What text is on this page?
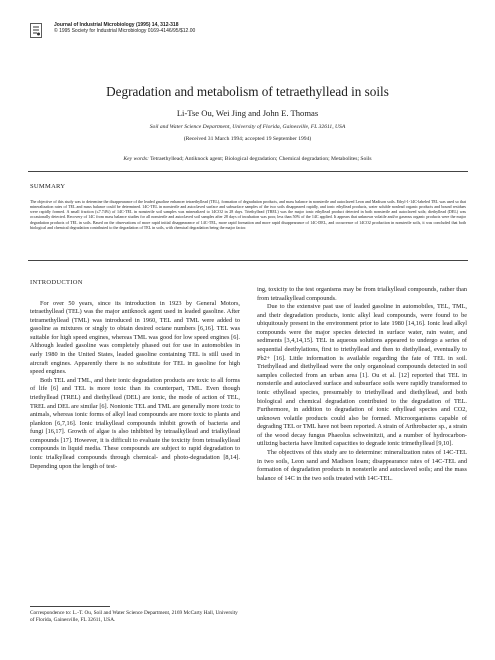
Journal of Industrial Microbiology (1995) 14, 312-318
© 1995 Society for Industrial Microbiology 0169-4146/95/$12.00
Degradation and metabolism of tetraethyllead in soils
Li-Tse Ou, Wei Jing and John E. Thomas
Soil and Water Science Department, University of Florida, Gainesville, FL 32611, USA
(Received 31 March 1994; accepted 19 September 1994)
Key words: Tetraethyllead; Antiknock agent; Biological degradation; Chemical degradation; Metabolites; Soils
SUMMARY
The objective of this study was to determine the disappearance of the leaded gasoline enhancer tetraethyllead (TEL), formation of degradation products, and mass balance in nonsterile and autoclaved Leon and Madison soils. Ethyl-1-14C-labeled TEL was used so that mineralization rates of TEL and mass balance could be determined. 14C-TEL in nonsterile and autoclaved surface and subsurface samples of the two soils disappeared rapidly, and ionic ethyllead products, water soluble nonlead organic products and bound residues were rapidly formed. A small fraction (≤7.74%) of 14C-TEL in nonsterile soil samples was mineralized to 14CO2 in 28 days. Triethyllead (TREL) was the major ionic ethyllead product detected in both nonsterile and autoclaved soils; diethyllead (DEL) was occasionally detected. Recovery of 14C from mass balance studies for all nonsterile and autoclaved soil samples after 28 days of incubation was poor, less than 50% of the 14C applied. It appears that unknown volatile and/or gaseous organic products were the major degradation products of TEL in soils. Based on the observations of more rapid initial disappearance of 14C-TEL, more rapid formation and more rapid disappearance of 14C-DEL, and occurrence of 14CO2 production in nonsterile soils, it was concluded that both biological and chemical degradation contributed to the degradation of TEL in soils, with chemical degradation being the major factor.

INTRODUCTION

For over 50 years, since its introduction in 1923 by General Motors, tetraethyllead (TEL) was the major antiknock agent used in leaded gasoline. After tetramethyllead (TML) was introduced in 1960, TEL and TML were added to gasoline as mixtures or singly to obtain desired octane numbers [6,16]. TEL was suitable for high speed engines, whereas TML was good for low speed engines [6]. Although leaded gasoline was completely phased out for use in automobiles in early 1980 in the United States, leaded gasoline containing TEL is still used in aircraft engines. Apparently there is no substitute for TEL in gasoline for high speed engines.

Both TEL and TML, and their ionic degradation products are toxic to all forms of life [6] and TEL is more toxic than its counterpart, TML. Even though triethyllead (TREL) and diethyllead (DEL) are ionic, the mode of action of TEL, TREL and DEL are similar [6]. Nonionic TEL and TML are generally more toxic to animals, whereas ionic forms of alkyl lead compounds are more toxic to plants and plankton [6,7,16]. Ionic trialkyllead compounds inhibit growth of bacteria and fungi [16,17]. Growth of algae is also inhibited by tetraalkyllead and trialkyllead compounds [17]. However, it is difficult to evaluate the toxicity from tetraalkyllead compounds in liquid media. These compounds are subject to rapid degradation to ionic trialkyllead compounds through chemical- and photo-degradation [8,14]. Depending upon the length of test-

ing, toxicity to the test organisms may be from trialkyllead compounds, rather than from tetraalkyllead compounds.

Due to the extensive past use of leaded gasoline in automobiles, TEL, TML, and their degradation products, ionic alkyl lead compounds, were found to be ubiquitously present in the environment prior to late 1980 [14,16]. Ionic lead alkyl compounds were the major species detected in surface water, rain water, and sediments [3,4,14,15]. TEL in aqueous solutions appeared to undergo a series of sequential deethylations, first to triethyllead and then to diethyllead, eventually to Pb2+ [16]. Little information is available regarding the fate of TEL in soil. Triethyllead and diethyllead were the only organolead compounds detected in soil samples collected from an urban area [1]. Ou et al. [12] reported that TEL in nonsterile and autoclaved surface and subsurface soils were rapidly transformed to ionic ethyllead species, presumably to triethyllead and diethyllead, and both biological and chemical degradation contributed to the degradation of TEL. Furthermore, in addition to degradation of ionic ethyllead species and CO2, unknown volatile products could also be formed. Microorganisms capable of degrading TEL or TML have not been reported. A strain of Arthrobacter sp., a strain of the wood decay fungus Phaeolus schweinitzii, and a number of hydrocarbon-utilizing bacteria have limited capacities to degrade ionic trimethyllead [9,10].

The objectives of this study are to determine: mineralization rates of 14C-TEL in two soils, Leon sand and Madison loam; disappearance rates of 14C-TEL and formation of degradation products in nonsterile and autoclaved soils; and the mass balance of 14C in the two soils treated with 14C-TEL.

Correspondence to: L.-T. Ou, Soil and Water Science Department, 2169 McCarty Hall, University of Florida, Gainesville, FL 32611, USA.
